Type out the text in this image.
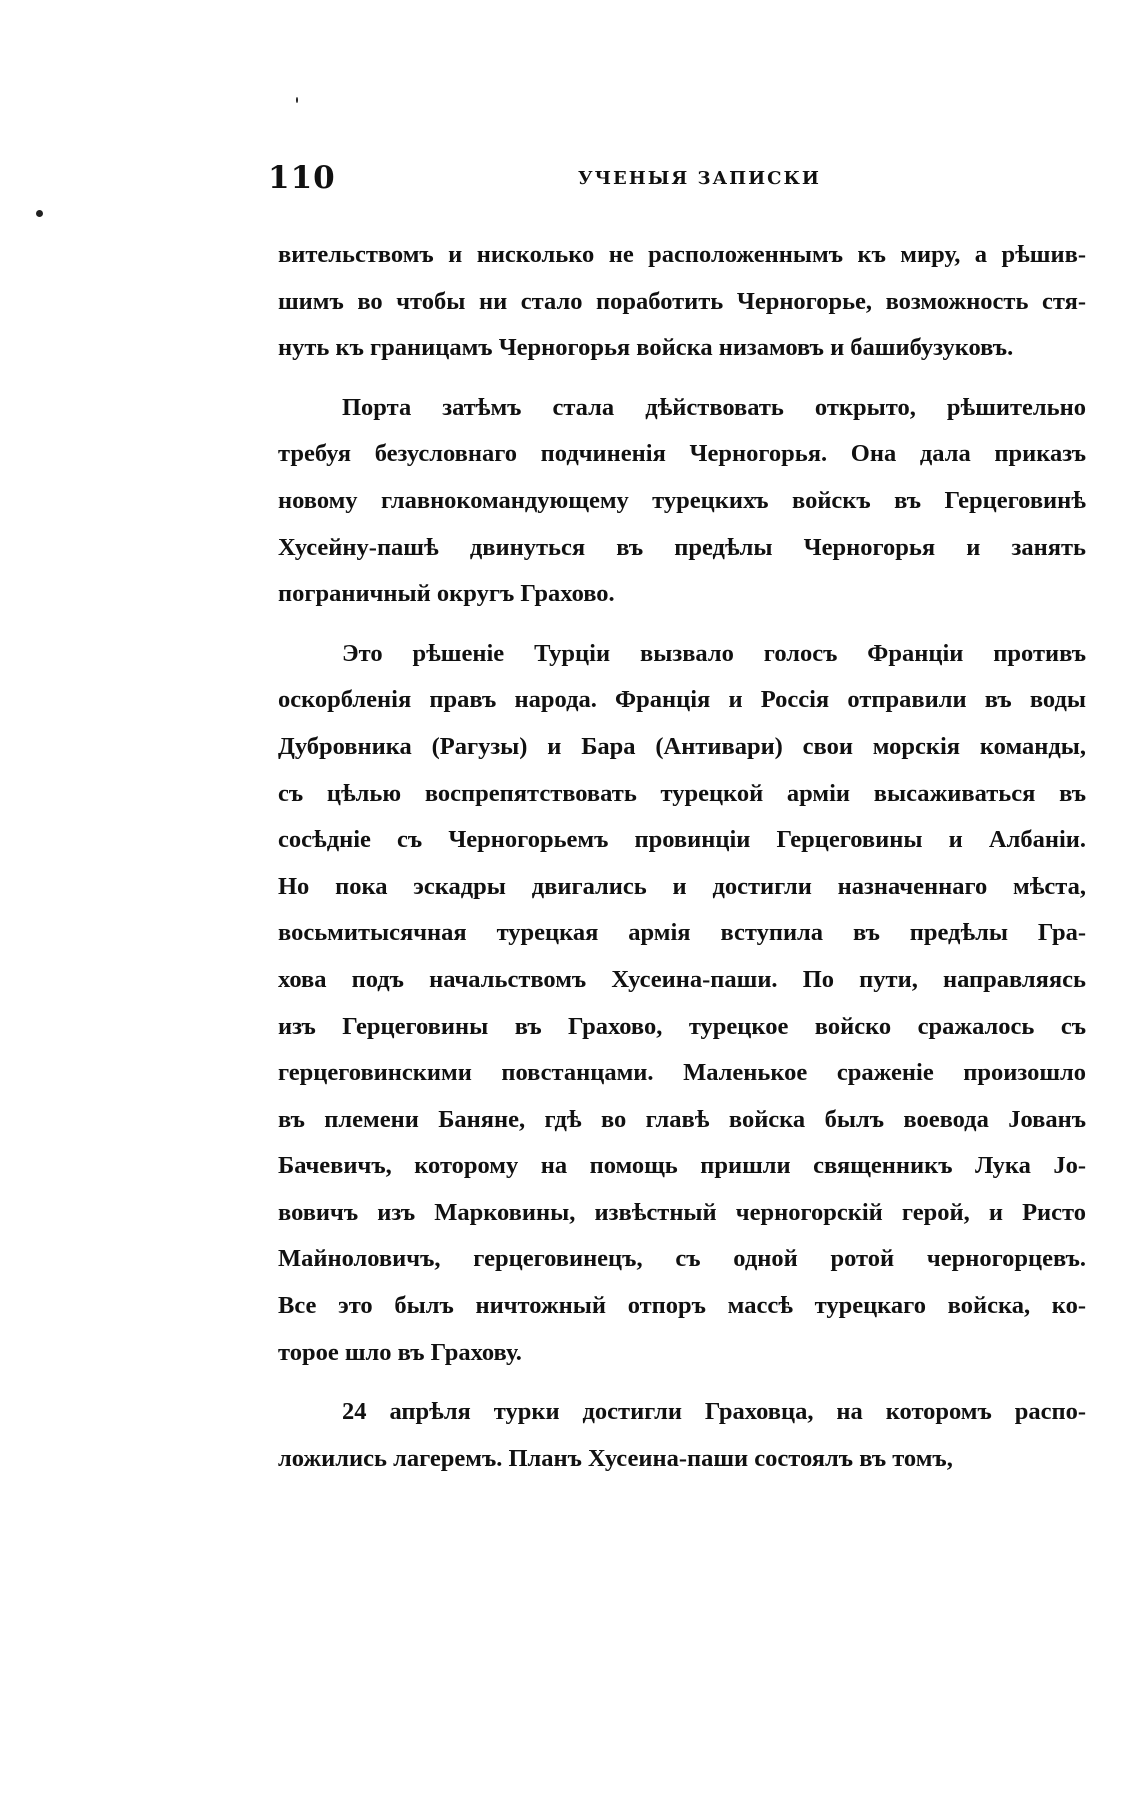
110	УЧЕНЫЯ ЗАПИСКИ
вительствомъ и нисколько не расположеннымъ къ миру, а рѣшив-
шимъ во чтобы ни стало поработить Черногорье, возможность стя-
нуть къ границамъ Черногорья войска низамовъ и башибузуковъ.
Порта затѣмъ стала дѣйствовать открыто, рѣшительно
требуя безусловнаго подчиненія Черногорья. Она дала приказъ
новому главнокомандующему турецкихъ войскъ въ Герцеговинѣ
Хусейну-пашѣ двинуться въ предѣлы Черногорья и занять
пограничный округъ Грахово.
Это рѣшеніе Турціи вызвало голосъ Франціи противъ
оскорбленія правъ народа. Франція и Россія отправили въ воды
Дубровника (Рагузы) и Бара (Антивари) свои морскія команды,
съ цѣлью воспрепятствовать турецкой арміи высаживаться въ
сосѣдніе съ Черногорьемъ провинціи Герцеговины и Албаніи.
Но пока эскадры двигались и достигли назначеннаго мѣста,
восьмитысячная турецкая армія вступила въ предѣлы Гра-
хова подъ начальствомъ Хусеина-паши. По пути, направляясь
изъ Герцеговины въ Грахово, турецкое войско сражалось съ
герцеговинскими повстанцами. Маленькое сраженіе произошло
въ племени Баняне, гдѣ во главѣ войска былъ воевода Јованъ
Бачевичъ, которому на помощь пришли священникъ Лука Јо-
вовичъ изъ Марковины, извѣстный черногорскій герой, и Ристо
Майноловичъ, герцеговинецъ, съ одной ротой черногорцевъ.
Все это былъ ничтожный отпоръ массѣ турецкаго войска, ко-
торое шло въ Грахову.
24 апрѣля турки достигли Граховца, на которомъ распо-
ложились лагеремъ. Планъ Хусеина-паши состоялъ въ томъ,
